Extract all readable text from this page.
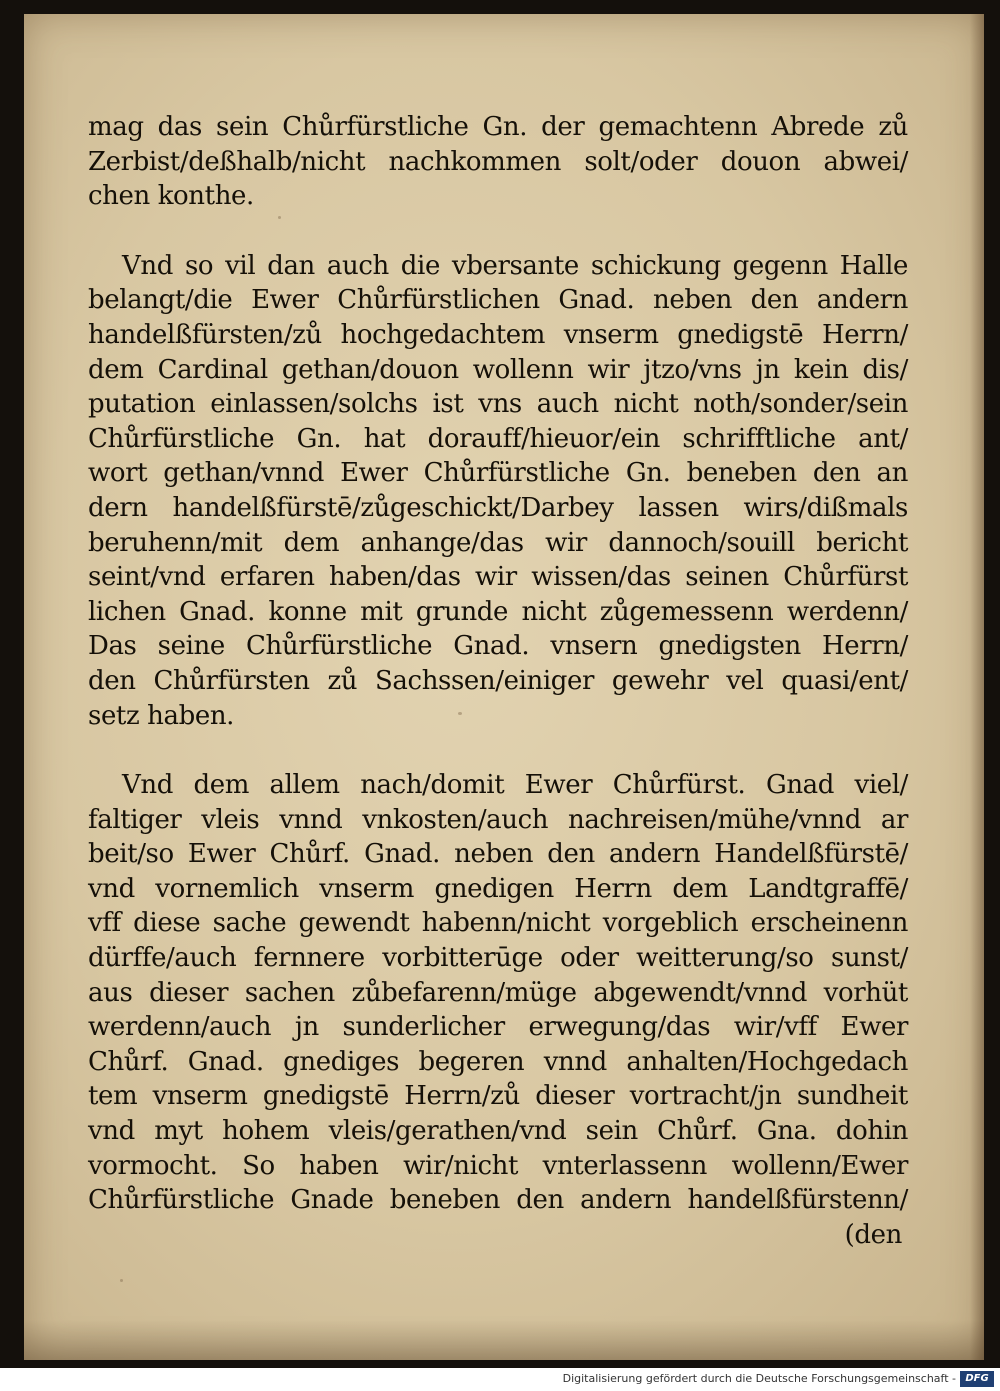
mag das sein Chůrfürstliche Gn. der gemachtenn Abrede zů
Zerbist/deßhalb/nicht nachkommen solt/oder douon abwei/
chen konthe.
Vnd so vil dan auch die vbersante schickung gegenn Halle
belangt/die Ewer Chůrfürstlichen Gnad. neben den andern
handelßfürsten/zů hochgedachtem vnserm gnedigstē Herrn/
dem Cardinal gethan/douon wollenn wir jtzo/vns jn kein dis/
putation einlassen/solchs ist vns auch nicht noth/sonder/sein
Chůrfürstliche Gn. hat dorauff/hieuor/ein schrifftliche ant/
wort gethan/vnnd Ewer Chůrfürstliche Gn. beneben den an
dern handelßfürstē/zůgeschickt/Darbey lassen wirs/dißmals
beruhenn/mit dem anhange/das wir dannoch/souill bericht
seint/vnd erfaren haben/das wir wissen/das seinen Chůrfürst
lichen Gnad. konne mit grunde nicht zůgemessenn werdenn/
Das seine Chůrfürstliche Gnad. vnsern gnedigsten Herrn/
den Chůrfürsten zů Sachssen/einiger gewehr vel quasi/ent/
setz haben.
Vnd dem allem nach/domit Ewer Chůrfürst. Gnad viel/
faltiger vleis vnnd vnkosten/auch nachreisen/mühe/vnnd ar
beit/so Ewer Chůrf. Gnad. neben den andern Handelßfürstē/
vnd vornemlich vnserm gnedigen Herrn dem Landtgraffē/
vff diese sache gewendt habenn/nicht vorgeblich erscheinenn
dürffe/auch fernnere vorbitterūge oder weitterung/so sunst/
aus dieser sachen zůbefarenn/müge abgewendt/vnnd vorhüt
werdenn/auch jn sunderlicher erwegung/das wir/vff Ewer
Chůrf. Gnad. gnediges begeren vnnd anhalten/Hochgedach
tem vnserm gnedigstē Herrn/zů dieser vortracht/jn sundheit
vnd myt hohem vleis/gerathen/vnd sein Chůrf. Gna. dohin
vormocht. So haben wir/nicht vnterlassenn wollenn/Ewer
Chůrfürstliche Gnade beneben den andern handelßfürstenn/
(den
Digitalisierung gefördert durch die Deutsche Forschungsgemeinschaft - DFG
